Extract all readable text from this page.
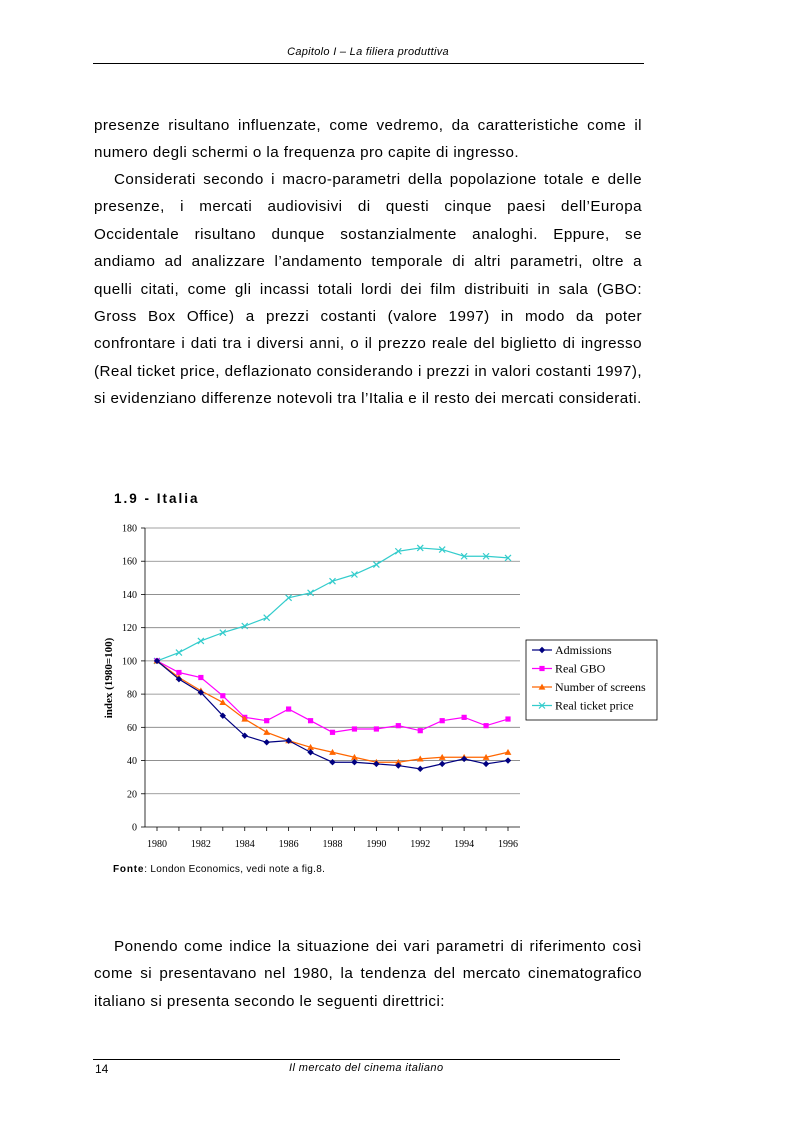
Capitolo I – La filiera produttiva

presenze risultano influenzate, come vedremo, da caratteristiche come il numero degli schermi o la frequenza pro capite di ingresso.

Considerati secondo i macro-parametri della popolazione totale e delle presenze, i mercati audiovisivi di questi cinque paesi dell’Europa Occidentale risultano dunque sostanzialmente analoghi. Eppure, se andiamo ad analizzare l’andamento temporale di altri parametri, oltre a quelli citati, come gli incassi totali lordi dei film distribuiti in sala (GBO: Gross Box Office) a prezzi costanti (valore 1997) in modo da poter confrontare i dati tra i diversi anni, o il prezzo reale del biglietto di ingresso (Real ticket price, deflazionato considerando i prezzi in valori costanti 1997), si evidenziano differenze notevoli tra l’Italia e il resto dei mercati considerati.

1.9 - Italia

0
20
40
60
80
100
120
140
160
180
1980 1982 1984 1986 1988 1990 1992 1994 1996
index (1980=100)	Admissions
Real GBO
Number of screens
Real ticket price
Fonte: London Economics, vedi note a fig.8.

Ponendo come indice la situazione dei vari parametri di riferimento così come si presentavano nel 1980, la tendenza del mercato cinematografico italiano si presenta secondo le seguenti direttrici:

14	Il mercato del cinema italiano
